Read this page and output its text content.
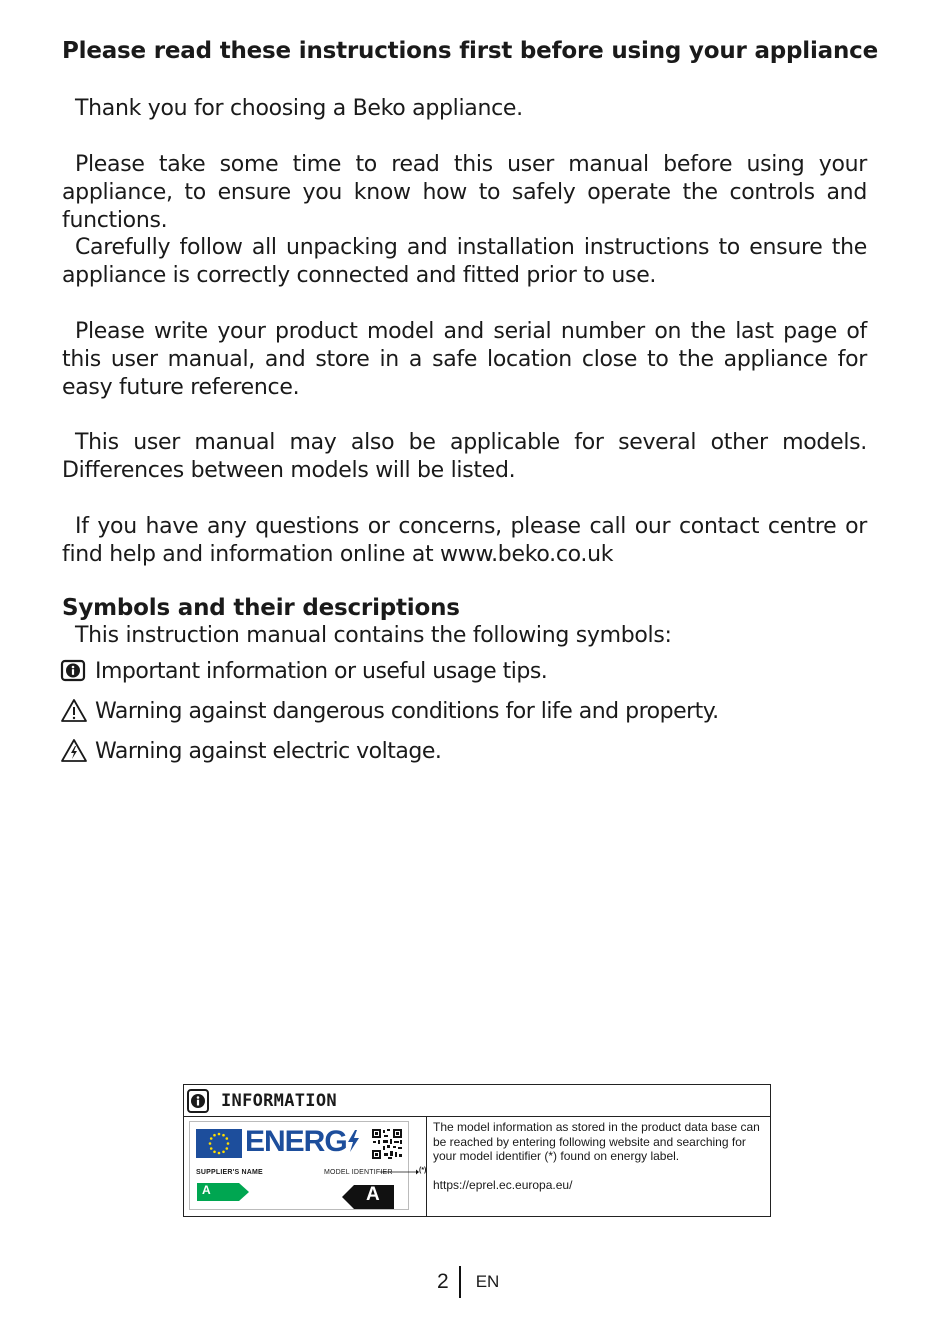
Please read these instructions first before using your appliance

Thank you for choosing a Beko appliance.

Please take some time to read this user manual before using your appliance, to ensure you know how to safely operate the controls and functions.

Carefully follow all unpacking and installation instructions to ensure the appliance is correctly connected and fitted prior to use.

Please write your product model and serial number on the last page of this user manual, and store in a safe location close to the appliance for easy future reference.

This user manual may also be applicable for several other models. Differences between models will be listed.

If you have any questions or concerns, please call our contact centre or find help and information online at www.beko.co.uk

Symbols and their descriptions

This instruction manual contains the following symbols:

Important information or useful usage tips.
Warning against dangerous conditions for life and property.
Warning against electric voltage.
INFORMATION
ENERG
SUPPLIER'S NAME	MODEL IDENTIFIER	(*)
A	A

The model information as stored in the product data base can be reached by entering following website and searching for your model identifier (*) found on energy label.

https://eprel.ec.europa.eu/

2 EN
